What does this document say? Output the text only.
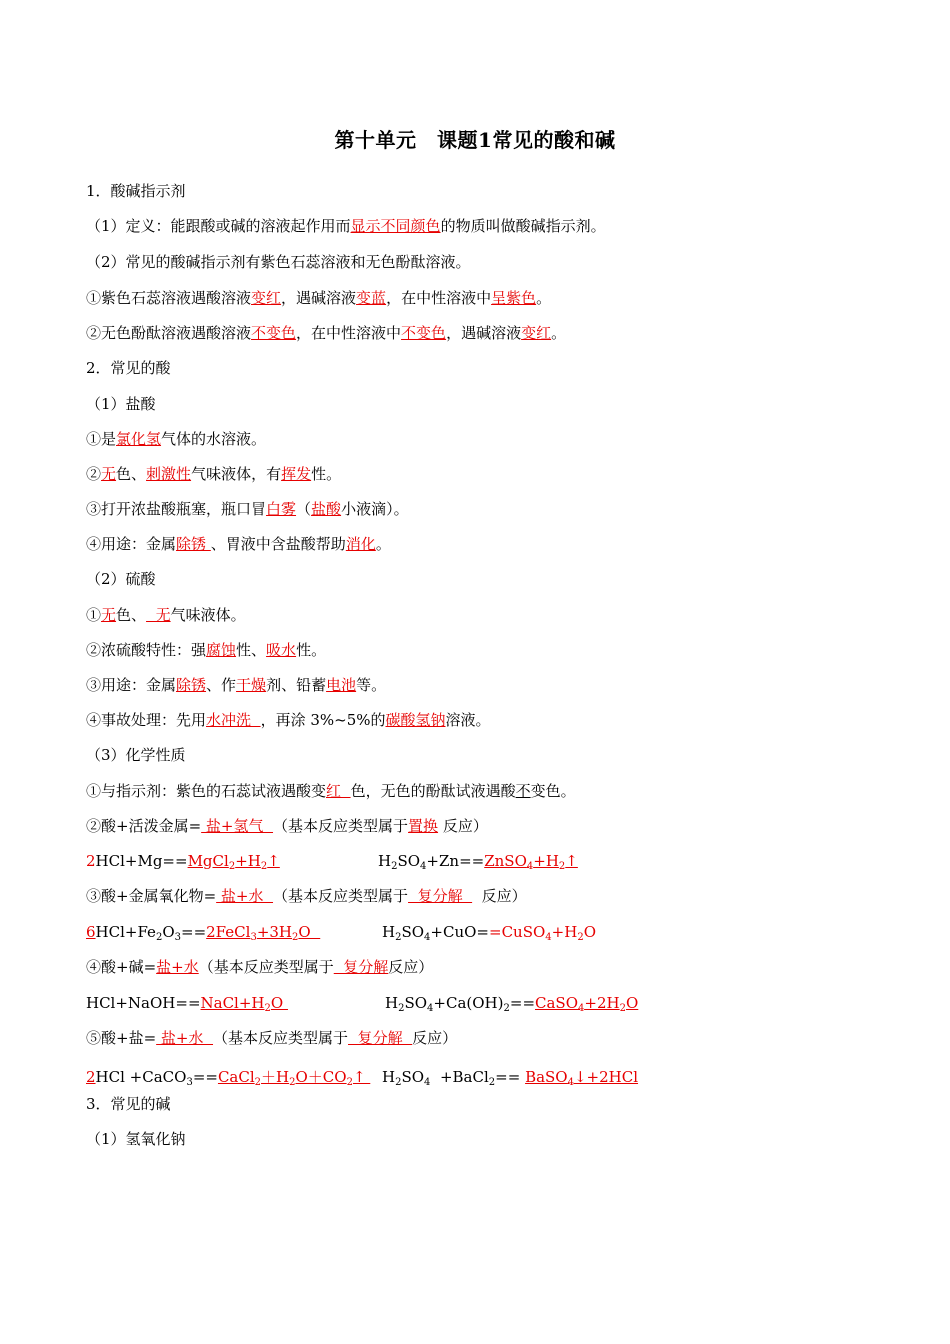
第十单元　课题1常见的酸和碱
1．酸碱指示剂
（1）定义：能跟酸或碱的溶液起作用而显示不同颜色的物质叫做酸碱指示剂。
（2）常见的酸碱指示剂有紫色石蕊溶液和无色酚酞溶液。
①紫色石蕊溶液遇酸溶液变红，遇碱溶液变蓝，在中性溶液中呈紫色。
②无色酚酞溶液遇酸溶液不变色，在中性溶液中不变色，遇碱溶液变红。
2．常见的酸
（1）盐酸
①是氯化氢气体的水溶液。
②无色、刺激性气味液体，有挥发性。
③打开浓盐酸瓶塞，瓶口冒白雾（盐酸小液滴）。
④用途：金属除锈 、胃液中含盐酸帮助消化。
（2）硫酸
①无色、  无气味液体。
②浓硫酸特性：强腐蚀性、吸水性。
③用途：金属除锈、作干燥剂、铅蓄电池等。
④事故处理：先用水冲洗  ，再涂 3%~5%的碳酸氢钠溶液。
（3）化学性质
①与指示剂：紫色的石蕊试液遇酸变红  色，无色的酚酞试液遇酸不变色。
②酸+活泼金属= 盐+氢气  （基本反应类型属于置换 反应）
$2HCl+Mg==MgCl_2+H_2↑$	$H_2SO_4+Zn==ZnSO_4+H_2↑$
③酸+金属氧化物= 盐+水  （基本反应类型属于  复分解    反应）
$6HCl+Fe_2O_3==2FeCl_3+3H_2O$	$H_2SO_4+CuO==CuSO_4+H_2O$
④酸+碱=盐+水（基本反应类型属于  复分解反应）
$HCl+NaOH==NaCl+H_2O$	$H_2SO_4+Ca(OH)_2==CaSO_4+2H_2O$
⑤酸+盐= 盐+水  （基本反应类型属于  复分解  反应）
$2HCl +CaCO_3==CaCl_2+H_2O+CO_2↑$ $H_2SO_4$  +BaCl$_2$== BaSO$_4$↓+2HCl
3．常见的碱
（1）氢氧化钠
